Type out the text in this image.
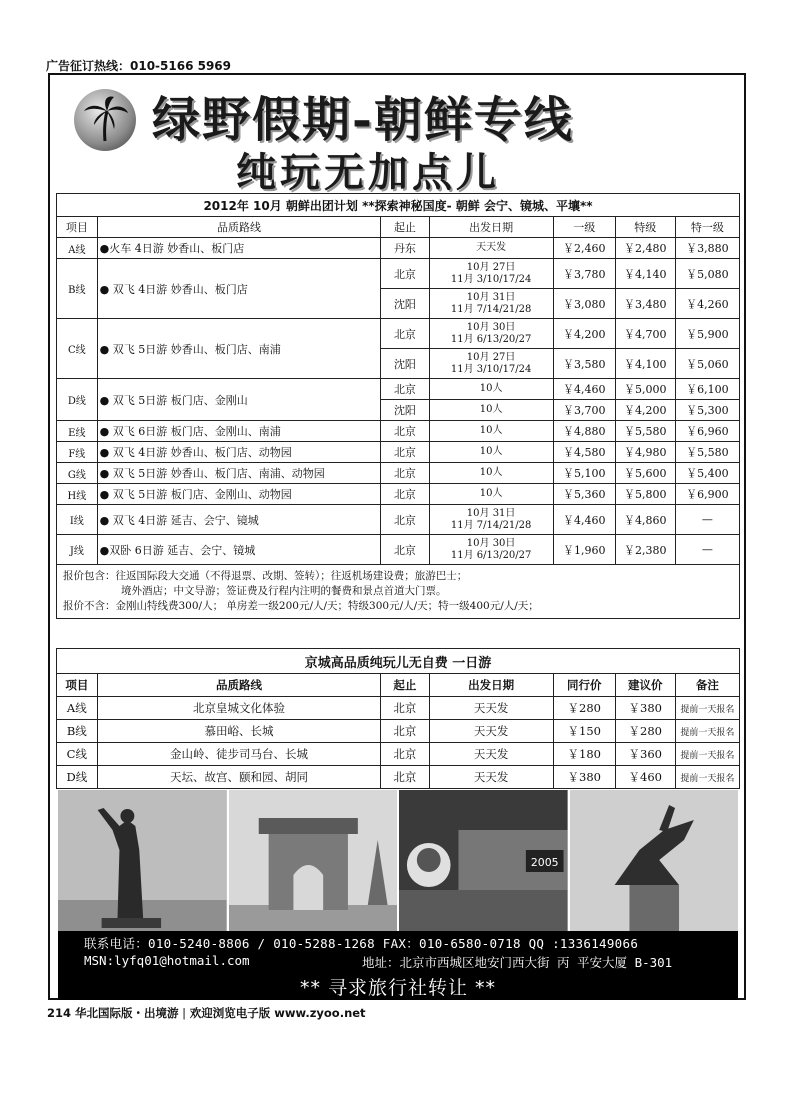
广告征订热线：010-5166 5969
绿野假期-朝鲜专线
纯玩无加点儿
2012年 10月 朝鲜出团计划 **探索神秘国度- 朝鲜 会宁、镜城、平壤**						
项目	品质路线	起止	出发日期	一级	特级	特一级
A线	●火车 4日游 妙香山、板门店	丹东	天天发	￥2,460	￥2,480	￥3,880
B线	● 双飞 4日游 妙香山、板门店	北京	10月 27日
11月 3/10/17/24	￥3,780	￥4,140	￥5,080
		沈阳	10月 31日
11月 7/14/21/28	￥3,080	￥3,480	￥4,260
C线	● 双飞 5日游 妙香山、板门店、南浦	北京	10月 30日
11月 6/13/20/27	￥4,200	￥4,700	￥5,900
		沈阳	10月 27日
11月 3/10/17/24	￥3,580	￥4,100	￥5,060
D线	● 双飞 5日游 板门店、金刚山	北京	10人	￥4,460	￥5,000	￥6,100
		沈阳	10人	￥3,700	￥4,200	￥5,300
E线	● 双飞 6日游 板门店、金刚山、南浦	北京	10人	￥4,880	￥5,580	￥6,960
F线	● 双飞 4日游 妙香山、板门店、动物园	北京	10人	￥4,580	￥4,980	￥5,580
G线	● 双飞 5日游 妙香山、板门店、南浦、动物园	北京	10人	￥5,100	￥5,600	￥5,400
H线	● 双飞 5日游 板门店、金刚山、动物园	北京	10人	￥5,360	￥5,800	￥6,900
I线	● 双飞 4日游 延吉、会宁、镜城	北京	10月 31日
11月 7/14/21/28	￥4,460	￥4,860	—
J线	●双卧 6日游 延吉、会宁、镜城	北京	10月 30日
11月 6/13/20/27	￥1,960	￥2,380	—

报价包含：往返国际段大交通（不得退票、改期、签转）；往返机场建设费；旅游巴士；
境外酒店；中文导游；签证费及行程内注明的餐费和景点首道大门票。
报价不含：金刚山特线费300/人； 单房差一级200元/人/天；特级300元/人/天；特一级400元/人/天；						
京城高品质纯玩儿无自费 一日游						
项目	品质路线	起止	出发日期	同行价	建议价	备注
A线	北京皇城文化体验	北京	天天发	￥280	￥380	提前一天报名
B线	慕田峪、长城	北京	天天发	￥150	￥280	提前一天报名
C线	金山岭、徒步司马台、长城	北京	天天发	￥180	￥360	提前一天报名
D线	天坛、故宫、颐和园、胡同	北京	天天发	￥380	￥460	提前一天报名
2005
联系电话：010-5240-8806 / 010-5288-1268 FAX：010-6580-0718 QQ :1336149066
MSN:lyfq01@hotmail.com	地址：北京市西城区地安门西大街 丙 平安大厦 B-301
** 寻求旅行社转让 **
214 华北国际版・出境游 | 欢迎浏览电子版 www.zyoo.net
